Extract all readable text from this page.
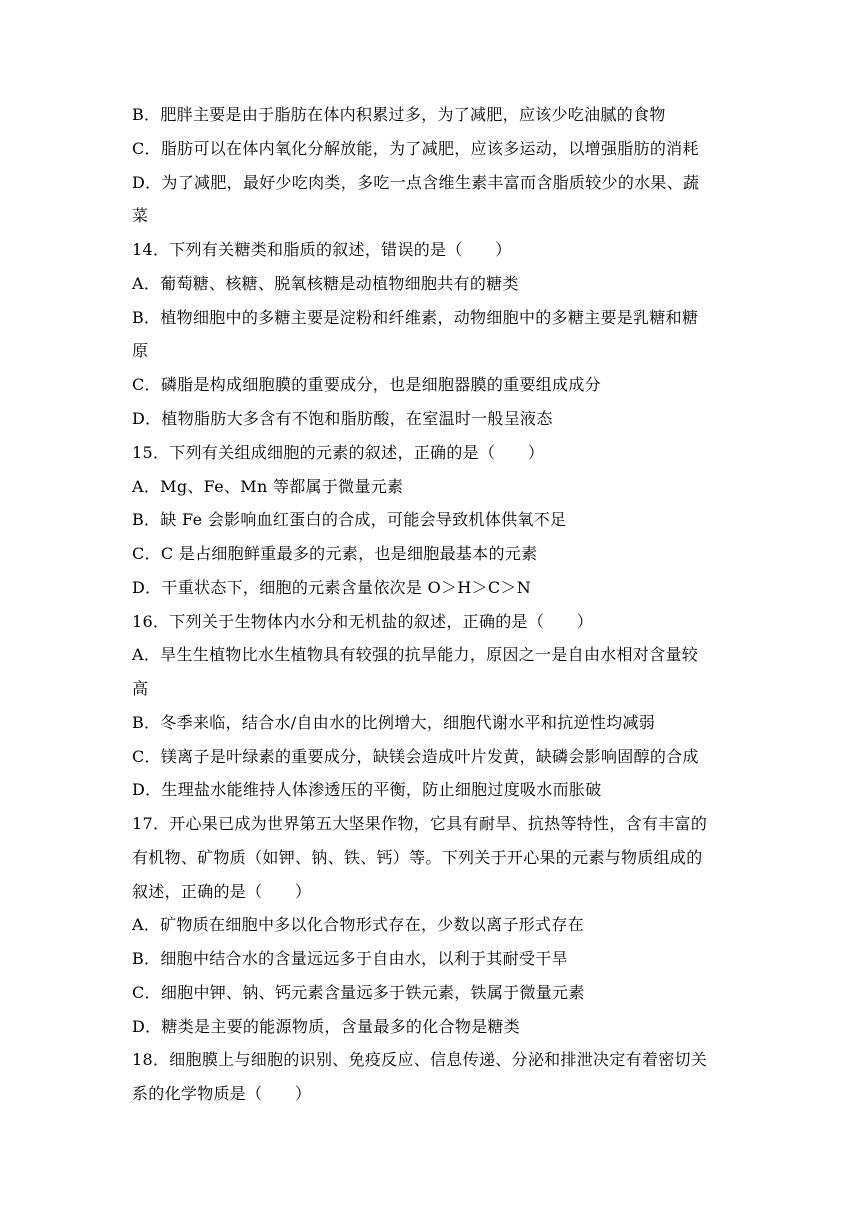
B．肥胖主要是由于脂肪在体内积累过多，为了减肥，应该少吃油腻的食物
C．脂肪可以在体内氧化分解放能，为了减肥，应该多运动，以增强脂肪的消耗
D．为了减肥，最好少吃肉类，多吃一点含维生素丰富而含脂质较少的水果、蔬
菜
14．下列有关糖类和脂质的叙述，错误的是（　　）
A．葡萄糖、核糖、脱氧核糖是动植物细胞共有的糖类
B．植物细胞中的多糖主要是淀粉和纤维素，动物细胞中的多糖主要是乳糖和糖
原
C．磷脂是构成细胞膜的重要成分，也是细胞器膜的重要组成成分
D．植物脂肪大多含有不饱和脂肪酸，在室温时一般呈液态
15．下列有关组成细胞的元素的叙述，正确的是（　　）
A．Mg、Fe、Mn 等都属于微量元素
B．缺 Fe 会影响血红蛋白的合成，可能会导致机体供氧不足
C．C 是占细胞鲜重最多的元素，也是细胞最基本的元素
D．干重状态下，细胞的元素含量依次是 O＞H＞C＞N
16．下列关于生物体内水分和无机盐的叙述，正确的是（　　）
A．旱生生植物比水生植物具有较强的抗旱能力，原因之一是自由水相对含量较
高
B．冬季来临，结合水/自由水的比例增大，细胞代谢水平和抗逆性均减弱
C．镁离子是叶绿素的重要成分，缺镁会造成叶片发黄，缺磷会影响固醇的合成
D．生理盐水能维持人体渗透压的平衡，防止细胞过度吸水而胀破
17．开心果已成为世界第五大坚果作物，它具有耐旱、抗热等特性，含有丰富的
有机物、矿物质（如钾、钠、铁、钙）等。下列关于开心果的元素与物质组成的
叙述，正确的是（　　）
A．矿物质在细胞中多以化合物形式存在，少数以离子形式存在
B．细胞中结合水的含量远远多于自由水，以利于其耐受干旱
C．细胞中钾、钠、钙元素含量远多于铁元素，铁属于微量元素
D．糖类是主要的能源物质，含量最多的化合物是糖类
18．细胞膜上与细胞的识别、免疫反应、信息传递、分泌和排泄决定有着密切关
系的化学物质是（　　）
